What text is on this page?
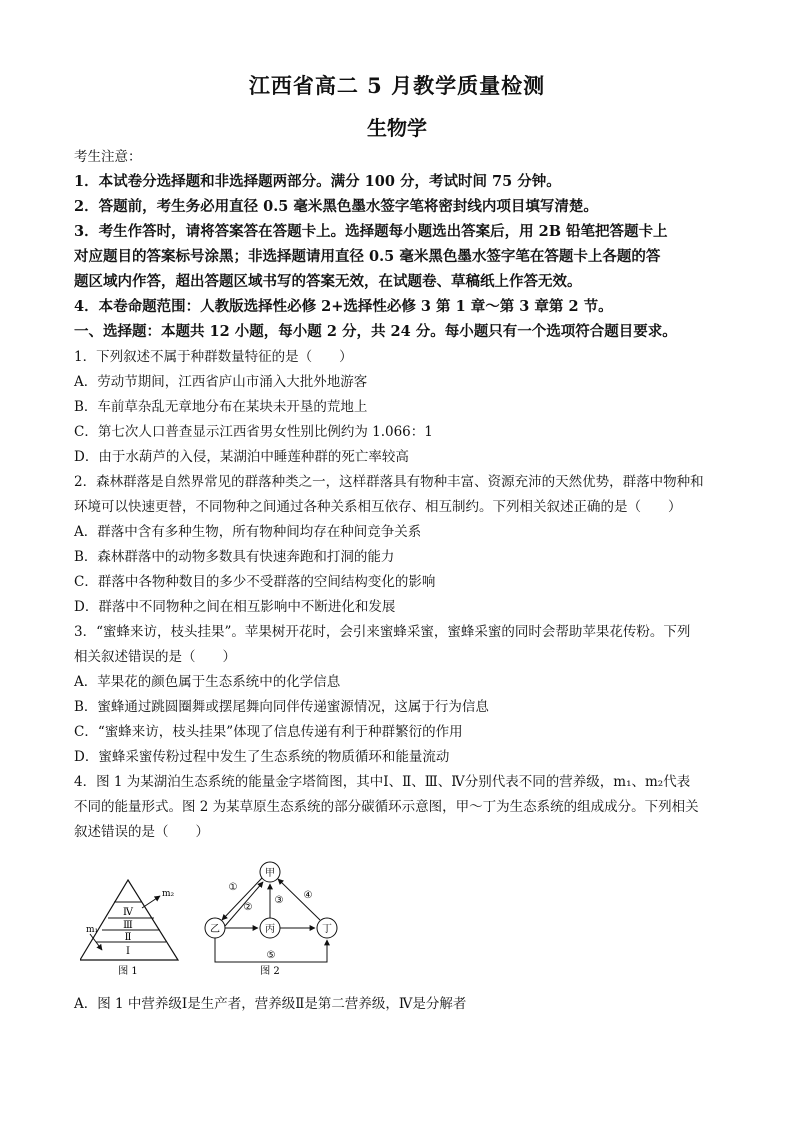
江西省高二 5 月教学质量检测
生物学
考生注意：
1．本试卷分选择题和非选择题两部分。满分 100 分，考试时间 75 分钟。
2．答题前，考生务必用直径 0.5 毫米黑色墨水签字笔将密封线内项目填写清楚。
3．考生作答时，请将答案答在答题卡上。选择题每小题选出答案后，用 2B 铅笔把答题卡上
对应题目的答案标号涂黑；非选择题请用直径 0.5 毫米黑色墨水签字笔在答题卡上各题的答
题区域内作答，超出答题区域书写的答案无效，在试题卷、草稿纸上作答无效。
4．本卷命题范围：人教版选择性必修 2+选择性必修 3 第 1 章～第 3 章第 2 节。
一、选择题：本题共 12 小题，每小题 2 分，共 24 分。每小题只有一个选项符合题目要求。
1．下列叙述不属于种群数量特征的是（　　）
A．劳动节期间，江西省庐山市涌入大批外地游客
B．车前草杂乱无章地分布在某块未开垦的荒地上
C．第七次人口普查显示江西省男女性别比例约为 1.066：1
D．由于水葫芦的入侵，某湖泊中睡莲种群的死亡率较高
2．森林群落是自然界常见的群落种类之一，这样群落具有物种丰富、资源充沛的天然优势，群落中物种和
环境可以快速更替，不同物种之间通过各种关系相互依存、相互制约。下列相关叙述正确的是（　　）
A．群落中含有多种生物，所有物种间均存在种间竞争关系
B．森林群落中的动物多数具有快速奔跑和打洞的能力
C．群落中各物种数目的多少不受群落的空间结构变化的影响
D．群落中不同物种之间在相互影响中不断进化和发展
3．“蜜蜂来访，枝头挂果”。苹果树开花时，会引来蜜蜂采蜜，蜜蜂采蜜的同时会帮助苹果花传粉。下列
相关叙述错误的是（　　）
A．苹果花的颜色属于生态系统中的化学信息
B．蜜蜂通过跳圆圈舞或摆尾舞向同伴传递蜜源情况，这属于行为信息
C．“蜜蜂来访，枝头挂果”体现了信息传递有利于种群繁衍的作用
D．蜜蜂采蜜传粉过程中发生了生态系统的物质循环和能量流动
4．图 1 为某湖泊生态系统的能量金字塔简图，其中Ⅰ、Ⅱ、Ⅲ、Ⅳ分别代表不同的营养级，m₁、m₂代表
不同的能量形式。图 2 为某草原生态系统的部分碳循环示意图，甲～丁为生态系统的组成成分。下列相关
叙述错误的是（　　）
Ⅳ
Ⅲ
Ⅱ
Ⅰ
m₁
m₂
图 1
甲
乙	丙	丁
①
②
③ ④
⑤
图 2
A．图 1 中营养级Ⅰ是生产者，营养级Ⅱ是第二营养级，Ⅳ是分解者
